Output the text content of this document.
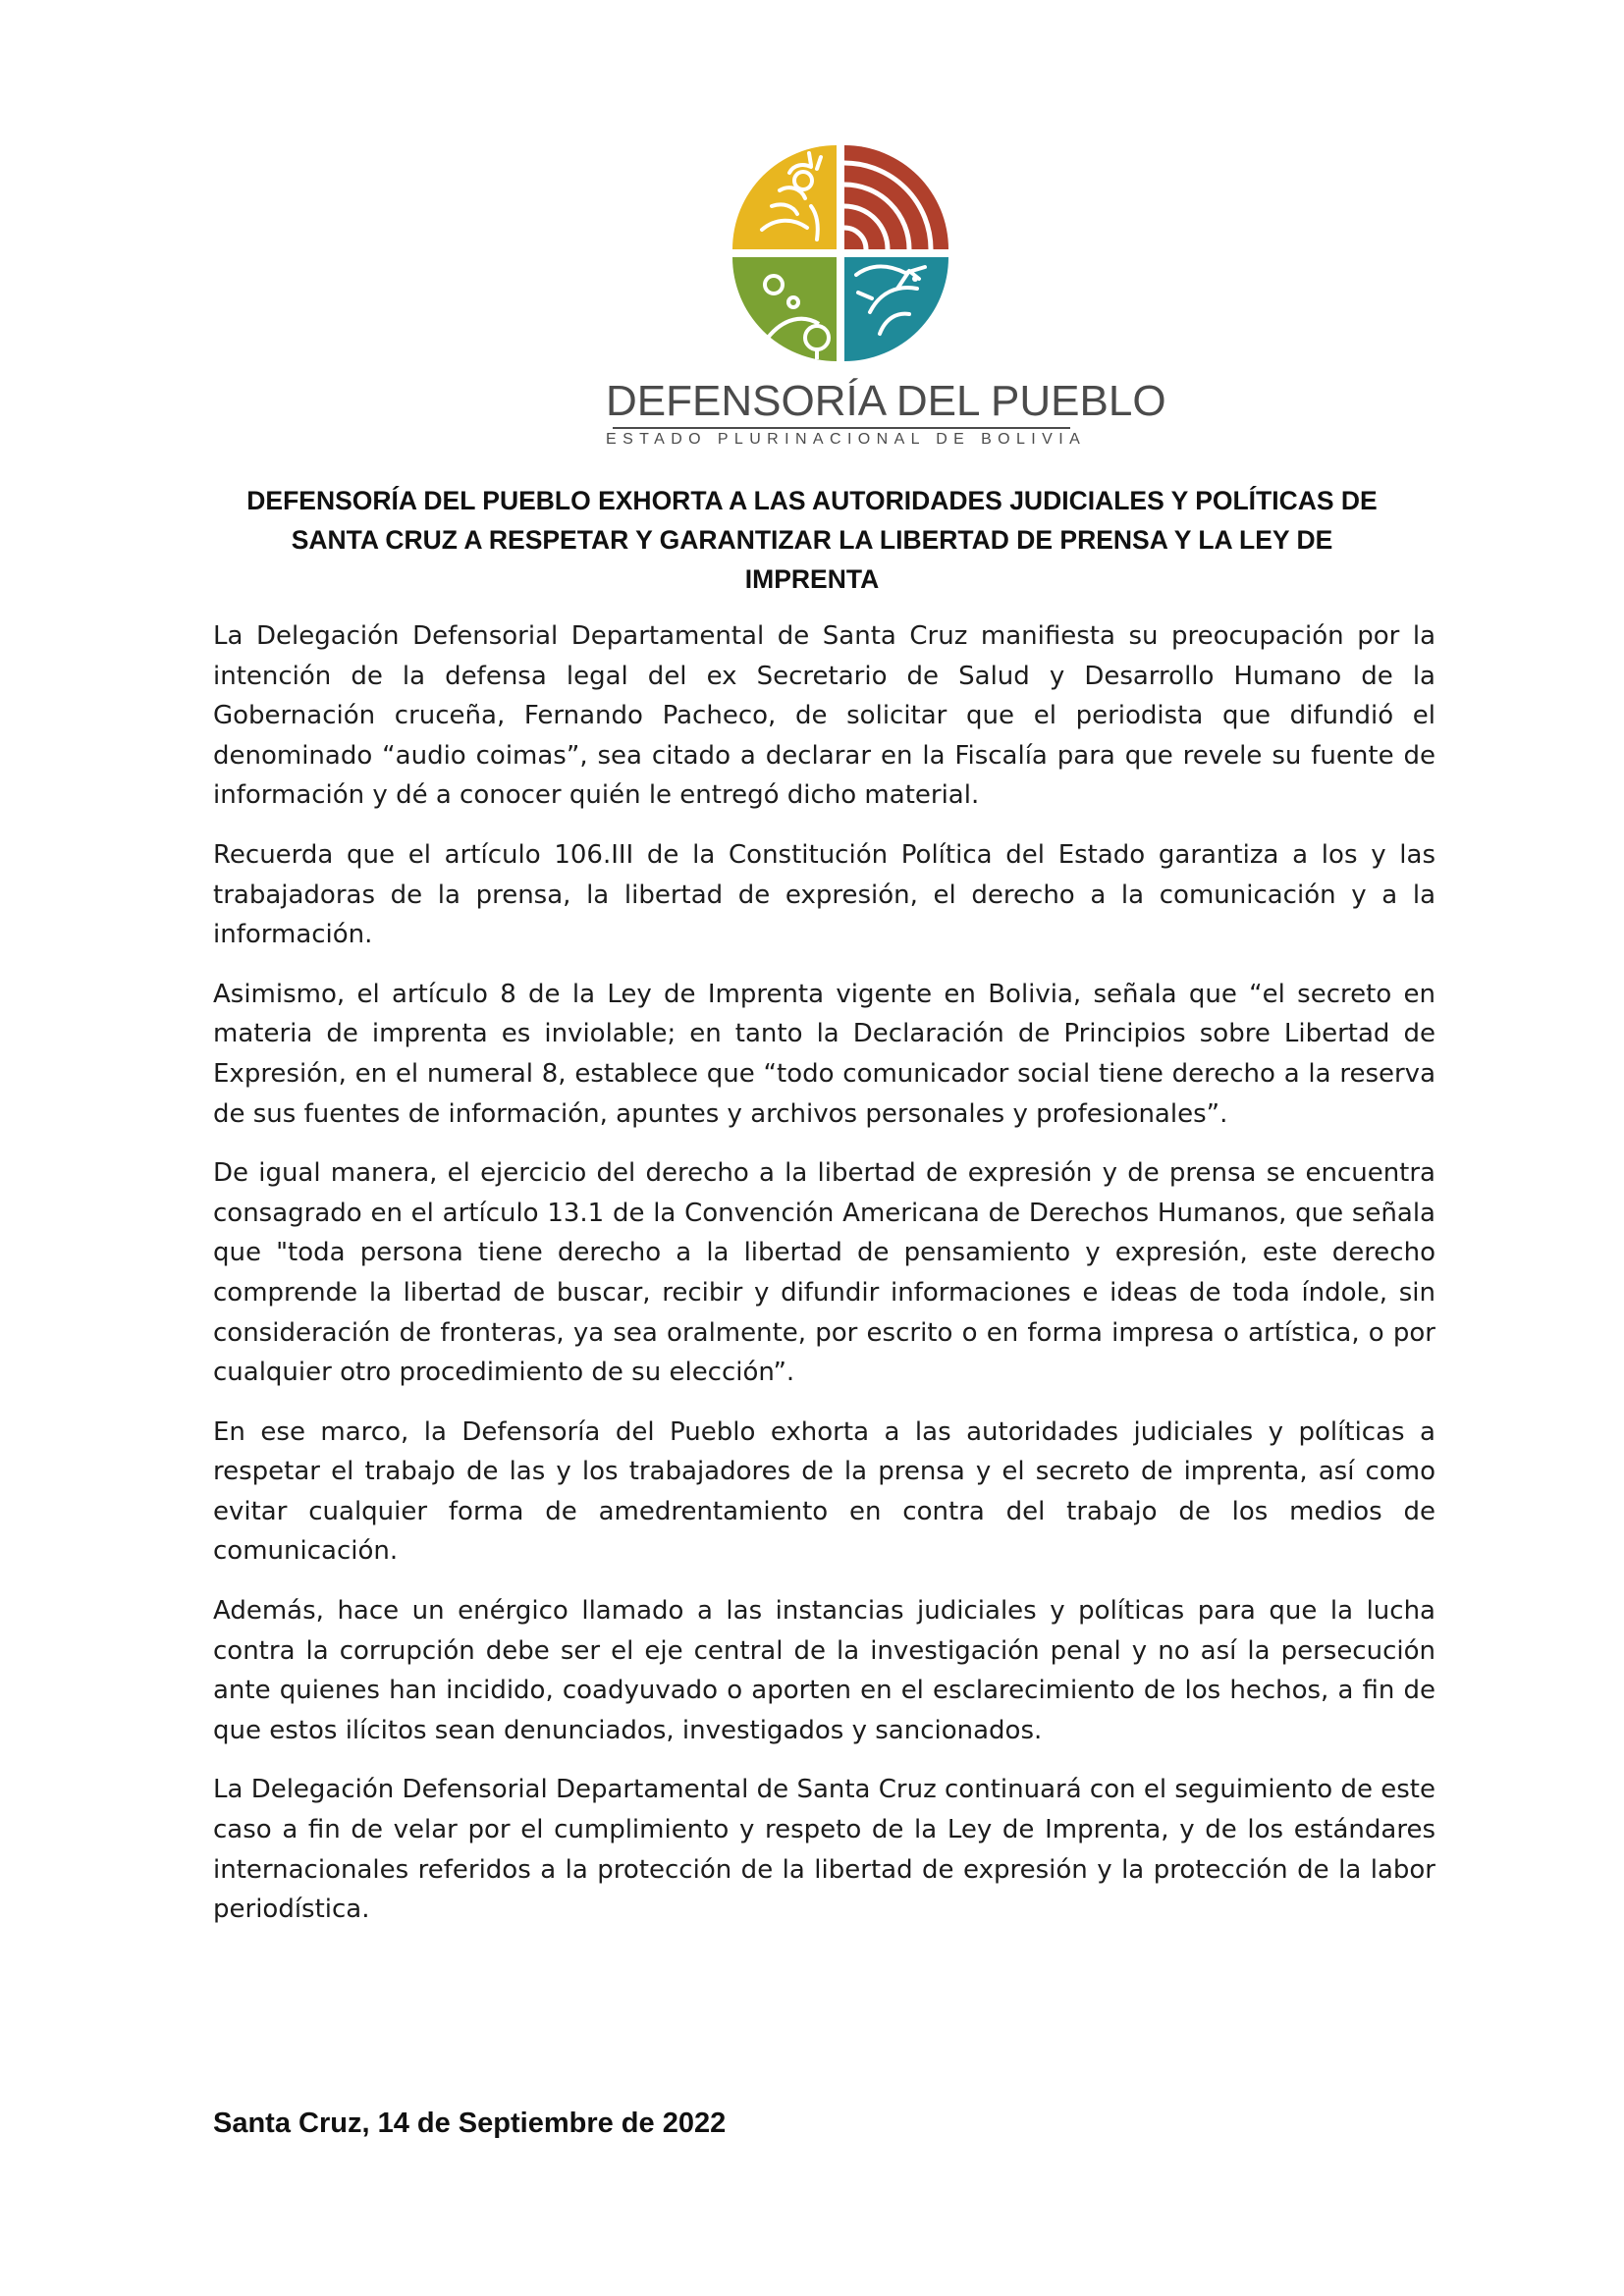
DEFENSORÍA DEL PUEBLO
ESTADO PLURINACIONAL DE BOLIVIA
DEFENSORÍA DEL PUEBLO EXHORTA A LAS AUTORIDADES JUDICIALES Y POLÍTICAS DE SANTA CRUZ A RESPETAR Y GARANTIZAR LA LIBERTAD DE PRENSA Y LA LEY DE IMPRENTA

La Delegación Defensorial Departamental de Santa Cruz manifiesta su preocupación por la intención de la defensa legal del ex Secretario de Salud y Desarrollo Humano de la Gobernación cruceña, Fernando Pacheco, de solicitar que el periodista que difundió el denominado “audio coimas”, sea citado a declarar en la Fiscalía para que revele su fuente de información y dé a conocer quién le entregó dicho material.

Recuerda que el artículo 106.III de la Constitución Política del Estado garantiza a los y las trabajadoras de la prensa, la libertad de expresión, el derecho a la comunicación y a la información.

Asimismo, el artículo 8 de la Ley de Imprenta vigente en Bolivia, señala que “el secreto en materia de imprenta es inviolable; en tanto la Declaración de Principios sobre Libertad de Expresión, en el numeral 8, establece que “todo comunicador social tiene derecho a la reserva de sus fuentes de información, apuntes y archivos personales y profesionales”.

De igual manera, el ejercicio del derecho a la libertad de expresión y de prensa se encuentra consagrado en el artículo 13.1 de la Convención Americana de Derechos Humanos, que señala que "toda persona tiene derecho a la libertad de pensamiento y expresión, este derecho comprende la libertad de buscar, recibir y difundir informaciones e ideas de toda índole, sin consideración de fronteras, ya sea oralmente, por escrito o en forma impresa o artística, o por cualquier otro procedimiento de su elección”.

En ese marco, la Defensoría del Pueblo exhorta a las autoridades judiciales y políticas a respetar el trabajo de las y los trabajadores de la prensa y el secreto de imprenta, así como evitar cualquier forma de amedrentamiento en contra del trabajo de los medios de comunicación.

Además, hace un enérgico llamado a las instancias judiciales y políticas para que la lucha contra la corrupción debe ser el eje central de la investigación penal y no así la persecución ante quienes han incidido, coadyuvado o aporten en el esclarecimiento de los hechos, a fin de que estos ilícitos sean denunciados, investigados y sancionados.

La Delegación Defensorial Departamental de Santa Cruz continuará con el seguimiento de este caso a fin de velar por el cumplimiento y respeto de la Ley de Imprenta, y de los estándares internacionales referidos a la protección de la libertad de expresión y la protección de la labor periodística.

Santa Cruz, 14 de Septiembre de 2022
